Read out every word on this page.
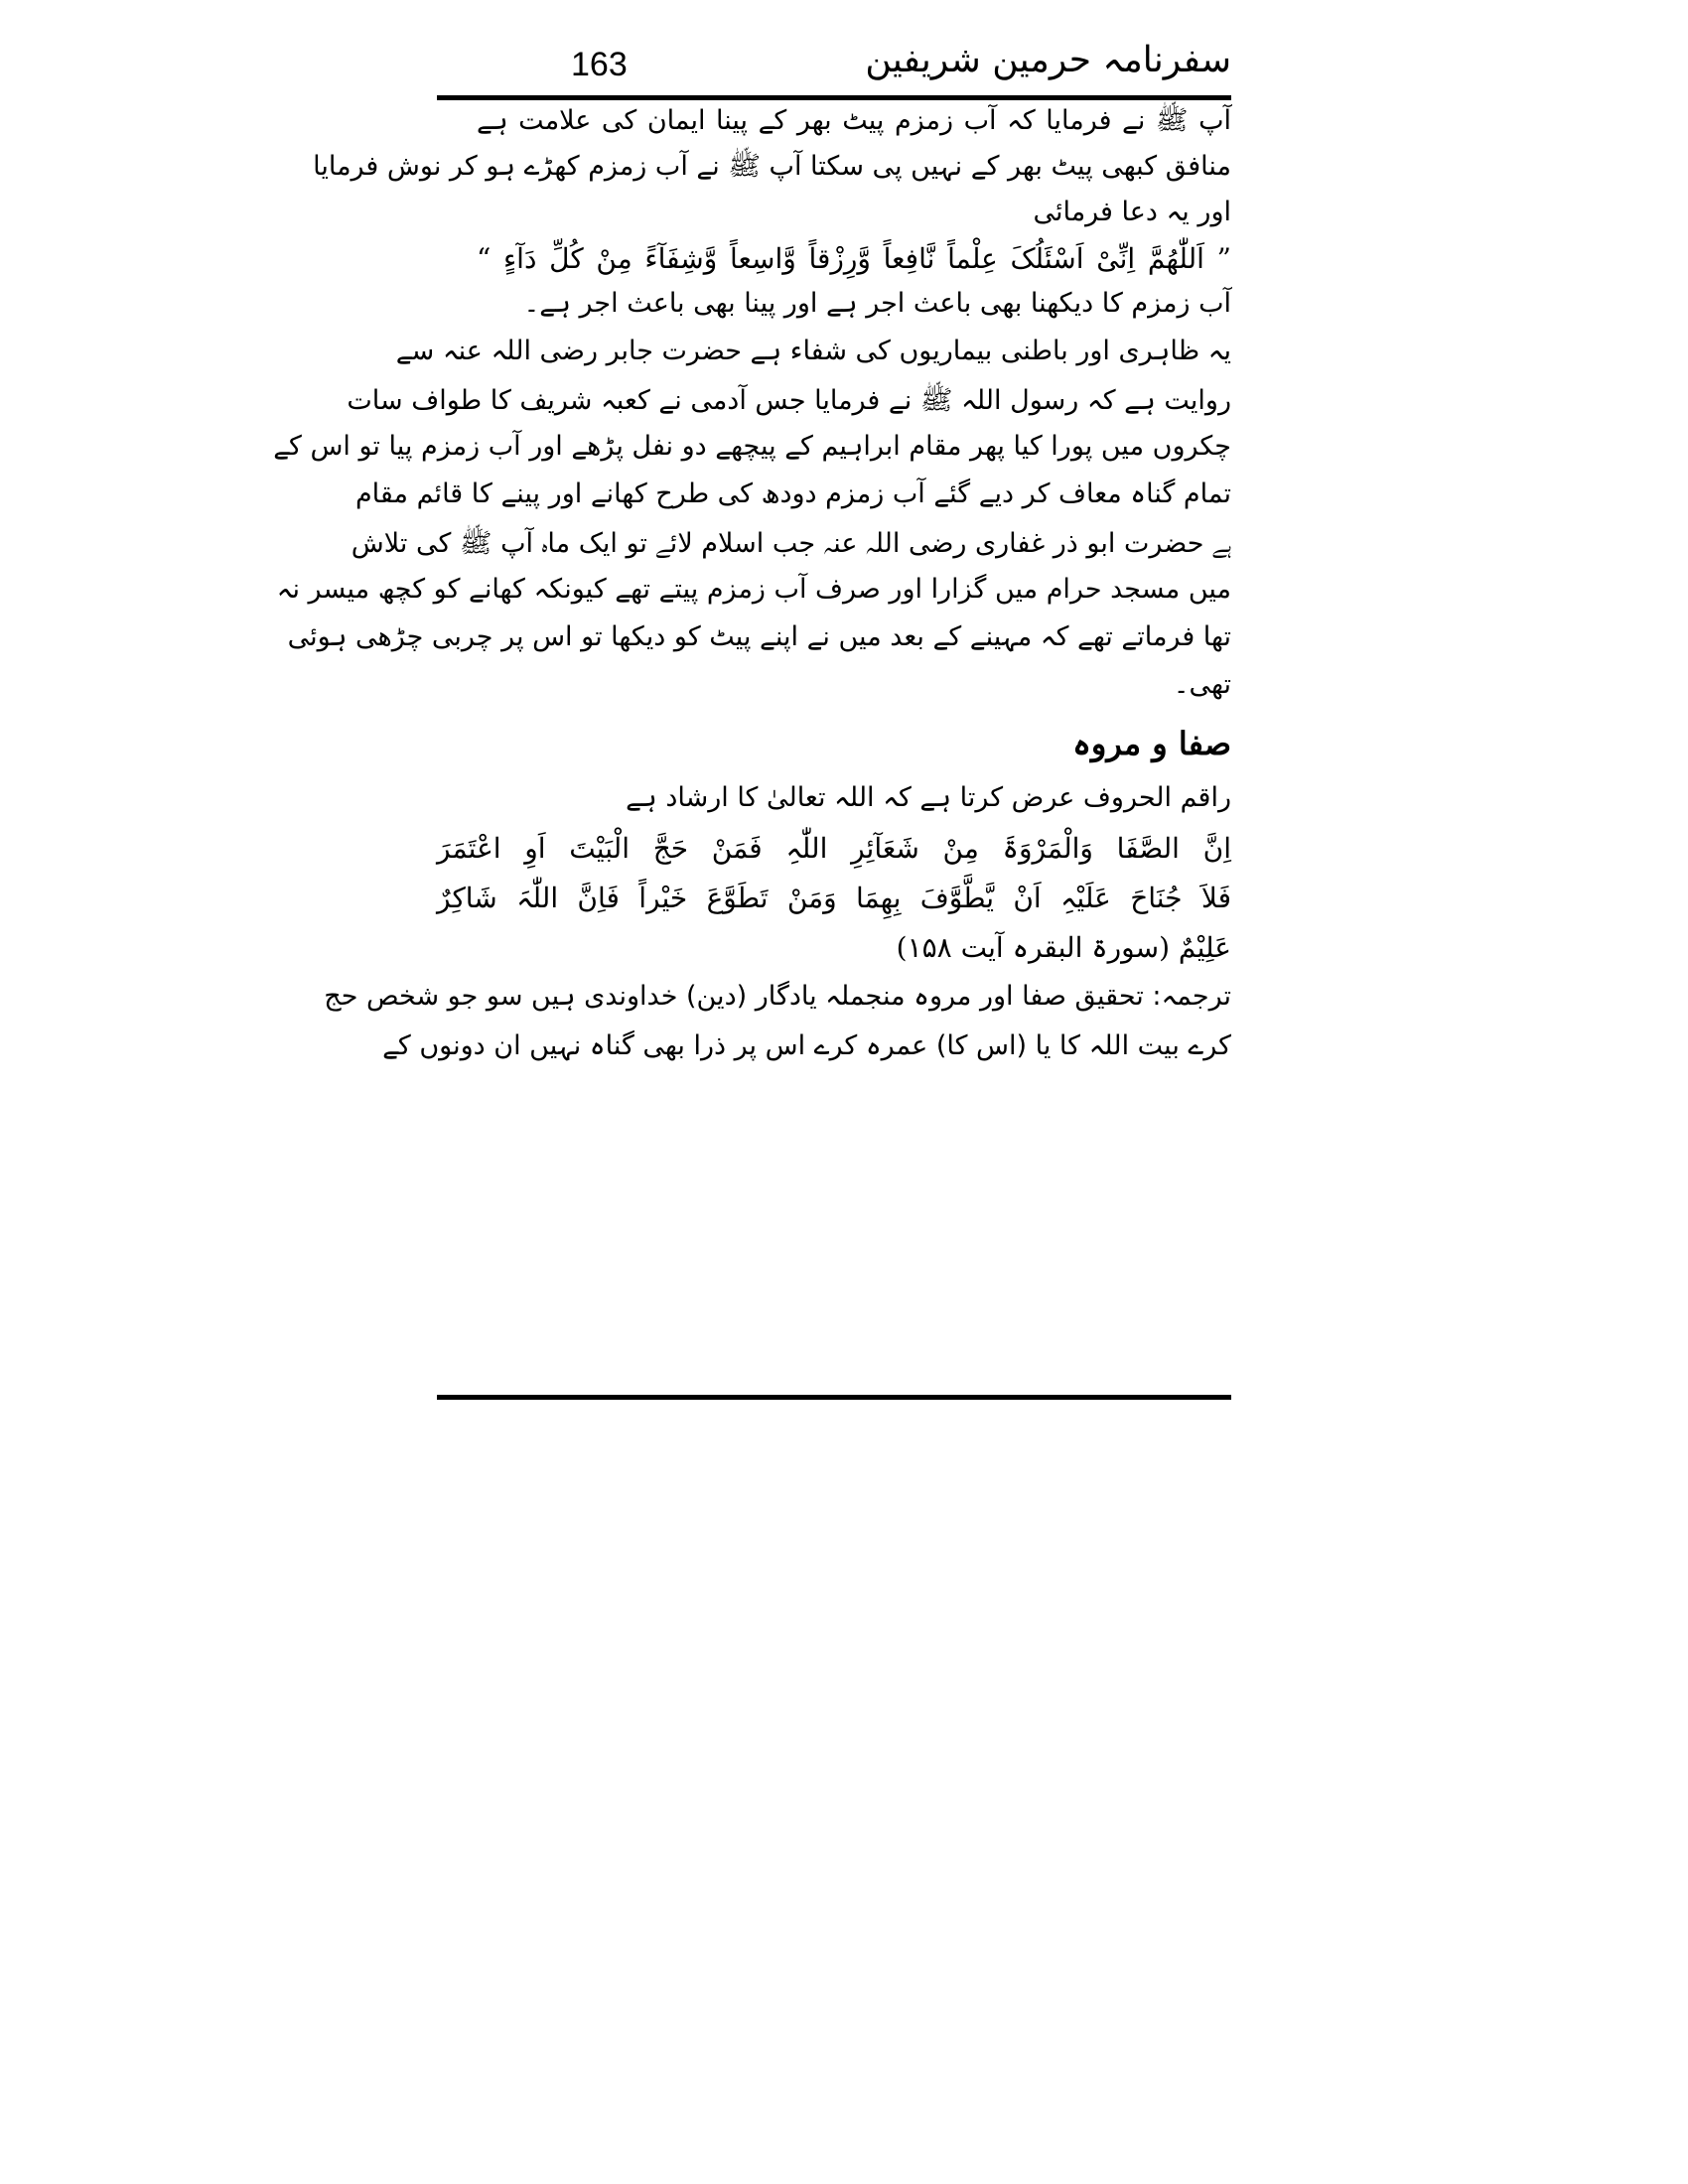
163	سفرنامہ حرمین شریفین
آپ ﷺ نے فرمایا کہ آب زمزم پیٹ بھر کے پینا ایمان کی علامت ہے
منافق کبھی پیٹ بھر کے نہیں پی سکتا آپ ﷺ نے آب زمزم کھڑے ہو کر نوش فرمایا
اور یہ دعا فرمائی
” اَللّٰھُمَّ اِنِّیْ اَسْئَلُکَ عِلْماً نَّافِعاً وَّرِزْقاً وَّاسِعاً وَّشِفَآءً مِنْ کُلِّ دَآءٍ “
آب زمزم کا دیکھنا بھی باعث اجر ہے اور پینا بھی باعث اجر ہے۔
یہ ظاہری اور باطنی بیماریوں کی شفاء ہے حضرت جابر رضی اللہ عنہ سے
روایت ہے کہ رسول اللہ ﷺ نے فرمایا جس آدمی نے کعبہ شریف کا طواف سات
چکروں میں پورا کیا پھر مقام ابراہیم کے پیچھے دو نفل پڑھے اور آب زمزم پیا تو اس کے
تمام گناہ معاف کر دیے گئے آب زمزم دودھ کی طرح کھانے اور پینے کا قائم مقام
ہے حضرت ابو ذر غفاری رضی اللہ عنہ جب اسلام لائے تو ایک ماہ آپ ﷺ کی تلاش
میں مسجد حرام میں گزارا اور صرف آب زمزم پیتے تھے کیونکہ کھانے کو کچھ میسر نہ
تھا فرماتے تھے کہ مہینے کے بعد میں نے اپنے پیٹ کو دیکھا تو اس پر چربی چڑھی ہوئی
تھی۔
صفا و مروہ
راقم الحروف عرض کرتا ہے کہ اللہ تعالیٰ کا ارشاد ہے
اِنَّ الصَّفَا وَالْمَرْوَۃَ مِنْ شَعَآئِرِ اللّٰہِ فَمَنْ حَجَّ الْبَیْتَ اَوِ اعْتَمَرَ
فَلاَ جُنَاحَ عَلَیْہِ اَنْ یَّطَّوَّفَ بِھِمَا وَمَنْ تَطَوَّعَ خَیْراً فَاِنَّ اللّٰہَ شَاکِرٌ
عَلِیْمٌ (سورۃ البقرہ آیت ۱۵۸)
ترجمہ: تحقیق صفا اور مروہ منجملہ یادگار (دین) خداوندی ہیں سو جو شخص حج
کرے بیت اللہ کا یا (اس کا) عمرہ کرے اس پر ذرا بھی گناہ نہیں ان دونوں کے
